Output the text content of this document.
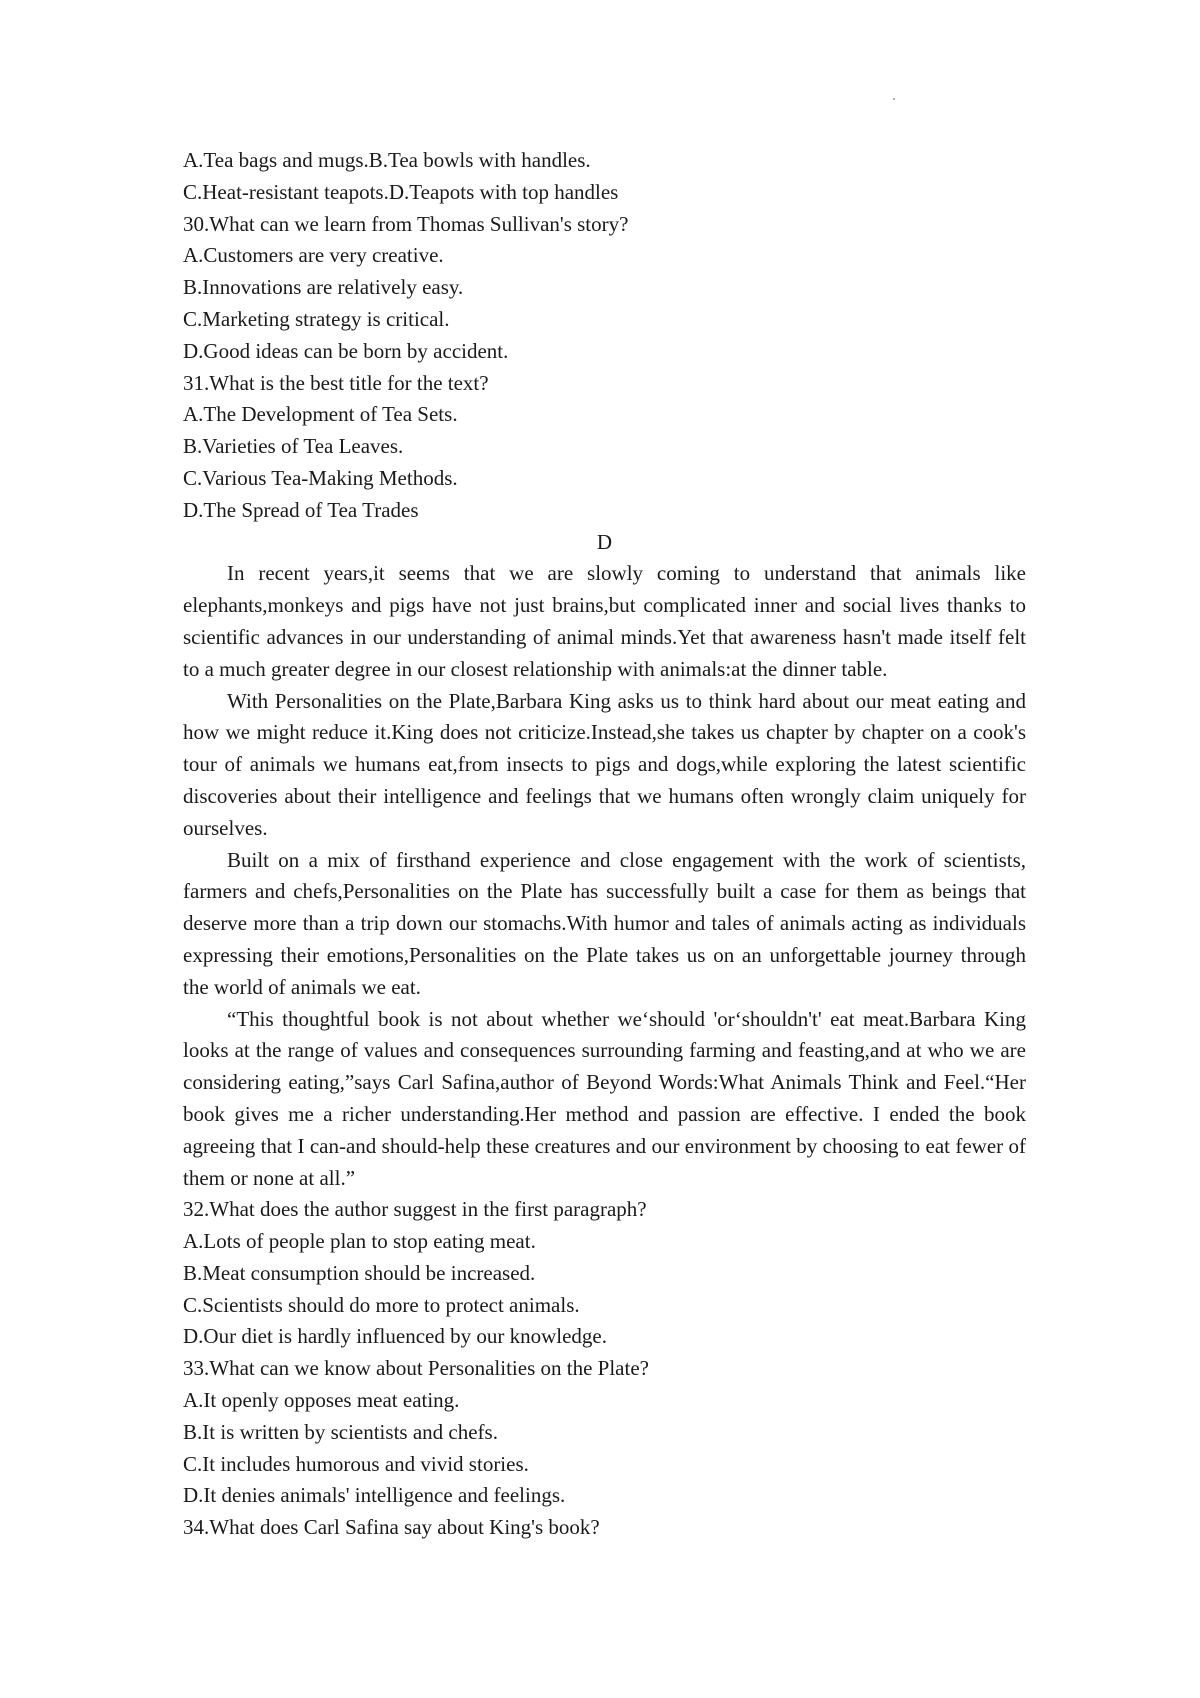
A.Tea bags and mugs.B.Tea bowls with handles.

C.Heat-resistant teapots.D.Teapots with top handles

30.What can we learn from Thomas Sullivan's story?

A.Customers are very creative.

B.Innovations are relatively easy.

C.Marketing strategy is critical.

D.Good ideas can be born by accident.

31.What is the best title for the text?

A.The Development of Tea Sets.

B.Varieties of Tea Leaves.

C.Various Tea-Making Methods.

D.The Spread of Tea Trades

D

In recent years,it seems that we are slowly coming to understand that animals like elephants,monkeys and pigs have not just brains,but complicated inner and social lives thanks to scientific advances in our understanding of animal minds.Yet that awareness hasn't made itself felt to a much greater degree in our closest relationship with animals:at the dinner table.

With Personalities on the Plate,Barbara King asks us to think hard about our meat eating and how we might reduce it.King does not criticize.Instead,she takes us chapter by chapter on a cook's tour of animals we humans eat,from insects to pigs and dogs,while exploring the latest scientific discoveries about their intelligence and feelings that we humans often wrongly claim uniquely for ourselves.

Built on a mix of firsthand experience and close engagement with the work of scientists, farmers and chefs,Personalities on the Plate has successfully built a case for them as beings that deserve more than a trip down our stomachs.With humor and tales of animals acting as individuals expressing their emotions,Personalities on the Plate takes us on an unforgettable journey through the world of animals we eat.

“This thoughtful book is not about whether we‘should 'or‘shouldn't' eat meat.Barbara King looks at the range of values and consequences surrounding farming and feasting,and at who we are considering eating,”says Carl Safina,author of Beyond Words:What Animals Think and Feel.“Her book gives me a richer understanding.Her method and passion are effective. I ended the book agreeing that I can-and should-help these creatures and our environment by choosing to eat fewer of them or none at all.”

32.What does the author suggest in the first paragraph?

A.Lots of people plan to stop eating meat.

B.Meat consumption should be increased.

C.Scientists should do more to protect animals.

D.Our diet is hardly influenced by our knowledge.

33.What can we know about Personalities on the Plate?

A.It openly opposes meat eating.

B.It is written by scientists and chefs.

C.It includes humorous and vivid stories.

D.It denies animals' intelligence and feelings.

34.What does Carl Safina say about King's book?
